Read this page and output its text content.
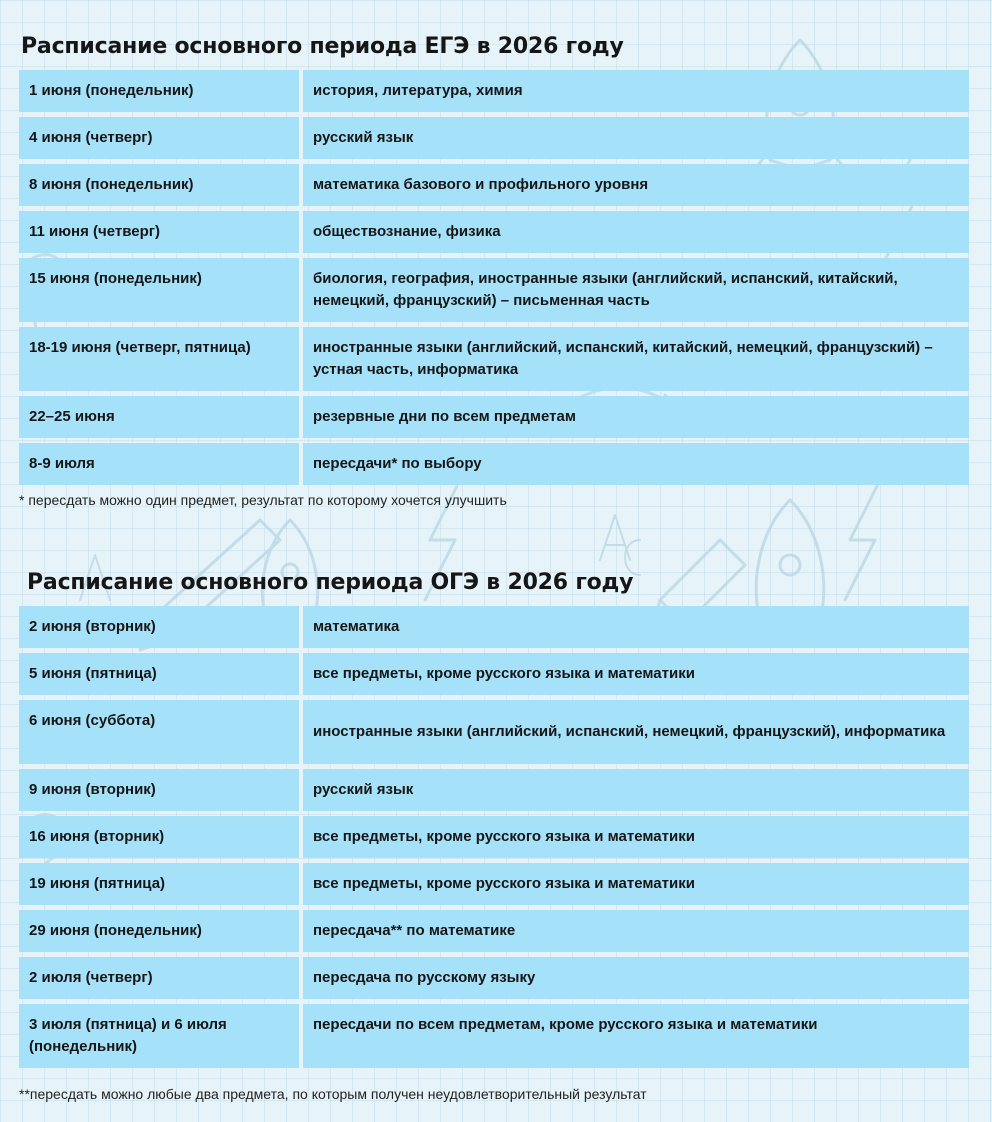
Расписание основного периода ЕГЭ в 2026 году
1 июня (понедельник)	история, литература, химия
4 июня (четверг)	русский язык
8 июня (понедельник)	математика базового и профильного уровня
11 июня (четверг)	обществознание, физика
15 июня (понедельник)	биология, география, иностранные языки (английский, испанский, китайский, немецкий, французский) – письменная часть
18-19 июня (четверг, пятница)	иностранные языки (английский, испанский, китайский, немецкий, французский) – устная часть, информатика
22–25 июня	резервные дни по всем предметам
8-9 июля	пересдачи* по выбору
* пересдать можно один предмет, результат по которому хочется улучшить
Расписание основного периода ОГЭ в 2026 году
2 июня (вторник)	математика
5 июня (пятница)	все предметы, кроме русского языка и математики
6 июня (суббота)	иностранные языки (английский, испанский, немецкий, французский), информатика
9 июня (вторник)	русский язык
16 июня (вторник)	все предметы, кроме русского языка и математики
19 июня (пятница)	все предметы, кроме русского языка и математики
29 июня (понедельник)	пересдача** по математике
2 июля (четверг)	пересдача по русскому языку
3 июля (пятница) и 6 июля (понедельник)	пересдачи по всем предметам, кроме русского языка и математики
**пересдать можно любые два предмета, по которым получен неудовлетворительный результат
